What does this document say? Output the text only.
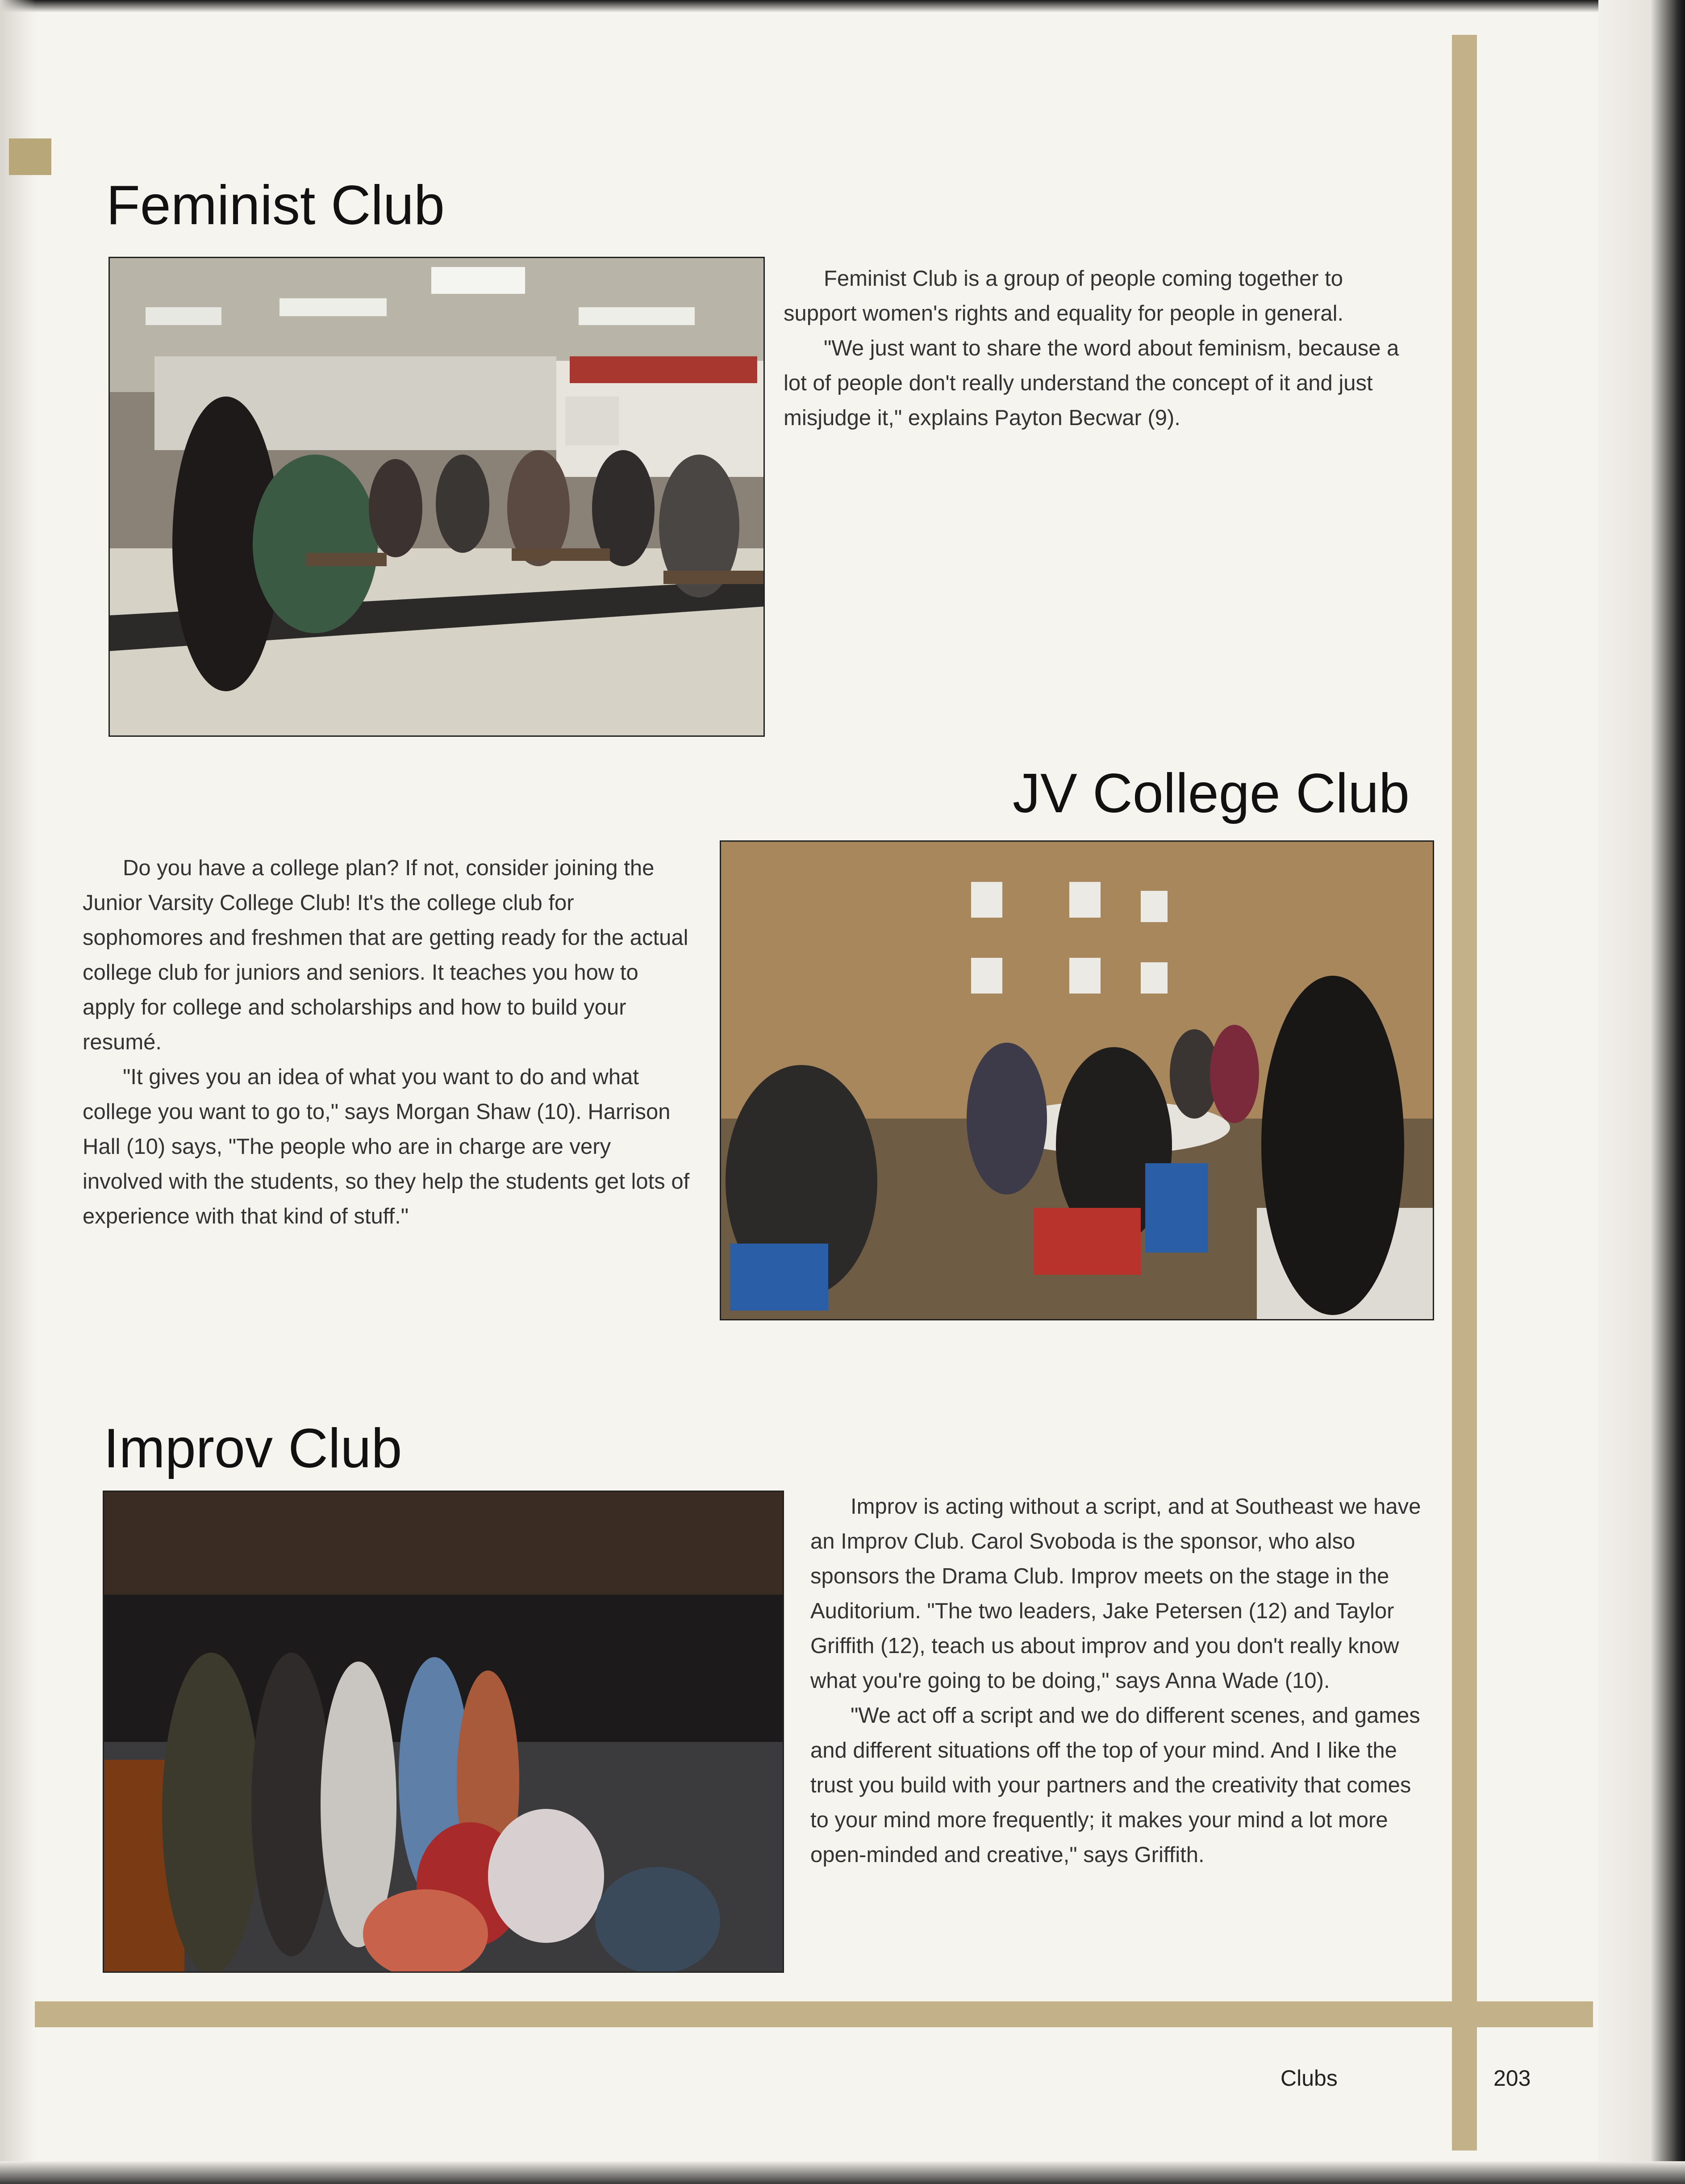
Feminist Club

Feminist Club is a group of people coming together to support women's rights and equality for people in general.

"We just want to share the word about feminism, because a lot of people don't really understand the concept of it and just misjudge it," explains Payton Becwar (9).

JV College Club

Do you have a college plan? If not, consider joining the Junior Varsity College Club! It's the college club for sophomores and freshmen that are getting ready for the actual college club for juniors and seniors. It teaches you how to apply for college and scholarships and how to build your resumé.

"It gives you an idea of what you want to do and what college you want to go to," says Morgan Shaw (10). Harrison Hall (10) says, "The people who are in charge are very involved with the students, so they help the students get lots of experience with that kind of stuff."

Improv Club

Improv is acting without a script, and at Southeast we have an Improv Club. Carol Svoboda is the sponsor, who also sponsors the Drama Club. Improv meets on the stage in the Auditorium. "The two leaders, Jake Petersen (12) and Taylor Griffith (12), teach us about improv and you don't really know what you're going to be doing," says Anna Wade (10).

"We act off a script and we do different scenes, and games and different situations off the top of your mind. And I like the trust you build with your partners and the creativity that comes to your mind more frequently; it makes your mind a lot more open-minded and creative," says Griffith.

Clubs	203
